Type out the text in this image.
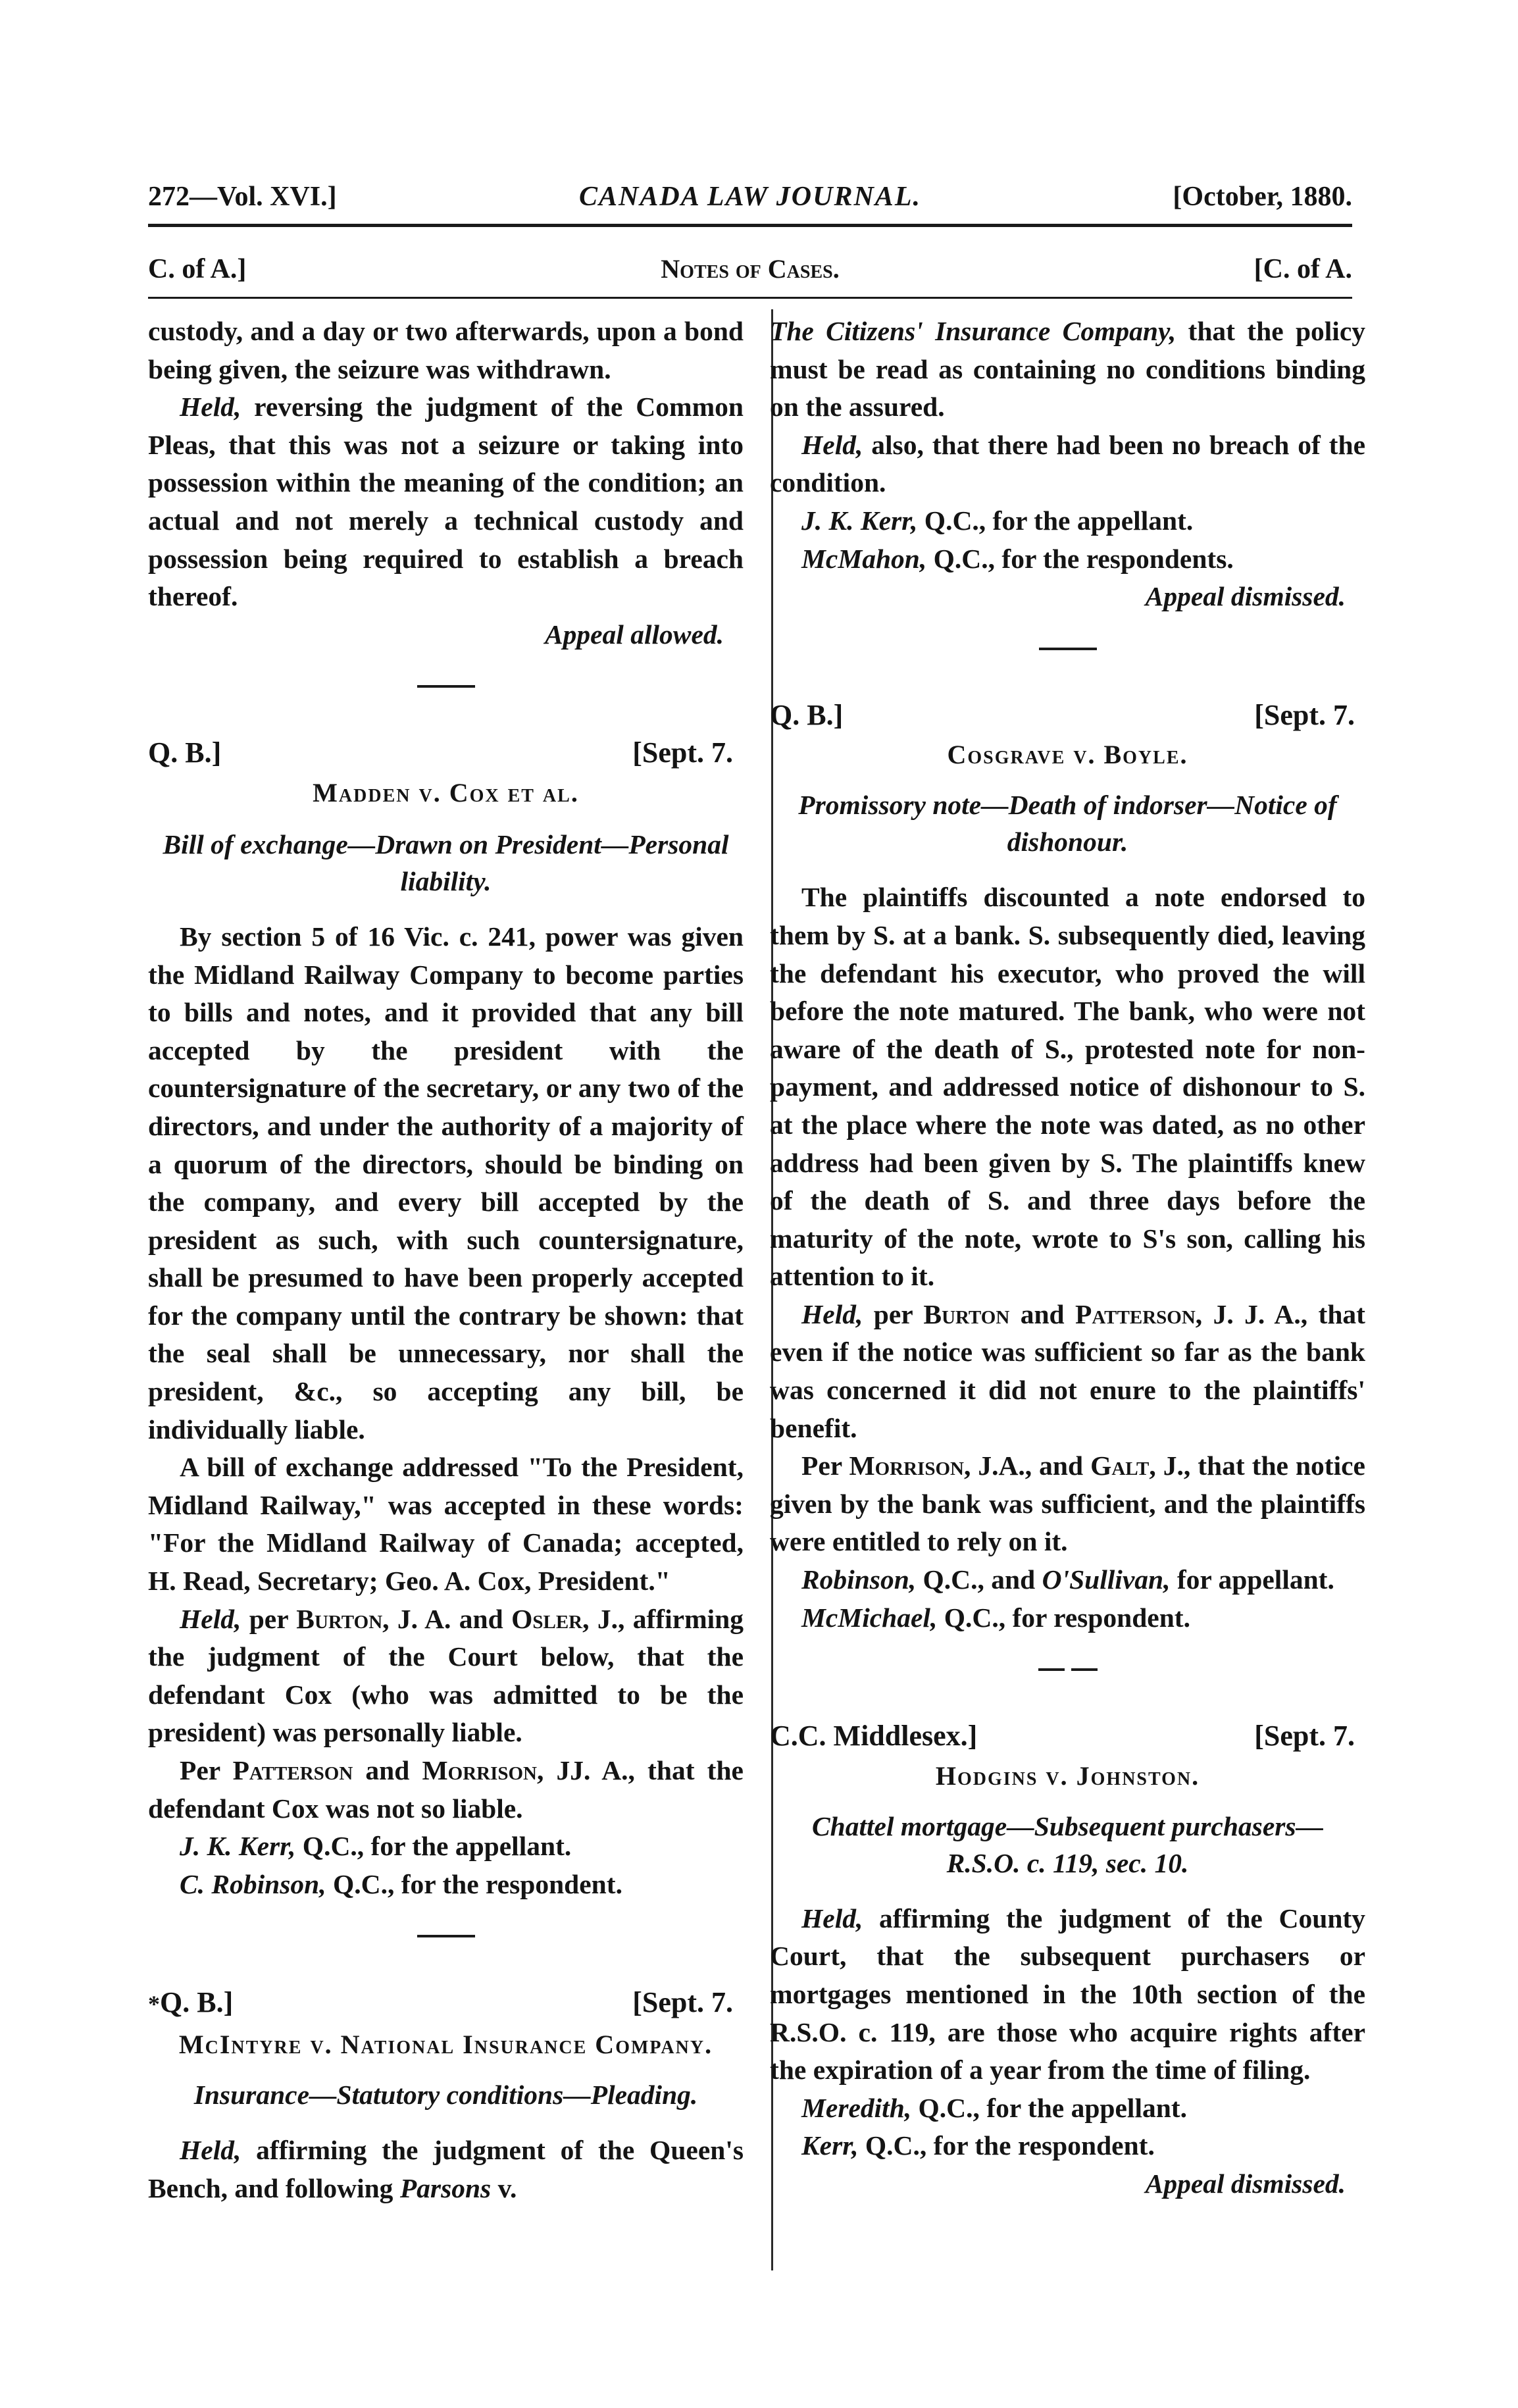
272—Vol. XVI.]	CANADA LAW JOURNAL.	[October, 1880.
C. of A.]	Notes of Cases.	[C. of A.

custody, and a day or two afterwards, upon a bond being given, the seizure was withdrawn.

Held, reversing the judgment of the Common Pleas, that this was not a seizure or taking into possession within the meaning of the condition; an actual and not merely a technical custody and possession being required to establish a breach thereof.

Appeal allowed.

Q. B.]	[Sept. 7.
Madden v. Cox et al.
Bill of exchange—Drawn on President—Personal liability.

By section 5 of 16 Vic. c. 241, power was given the Midland Railway Company to become parties to bills and notes, and it provided that any bill accepted by the president with the countersignature of the secretary, or any two of the directors, and under the authority of a majority of a quorum of the directors, should be binding on the company, and every bill accepted by the president as such, with such countersignature, shall be presumed to have been properly accepted for the company until the contrary be shown: that the seal shall be unnecessary, nor shall the president, &c., so accepting any bill, be individually liable.

A bill of exchange addressed "To the President, Midland Railway," was accepted in these words: "For the Midland Railway of Canada; accepted, H. Read, Secretary; Geo. A. Cox, President."

Held, per Burton, J. A. and Osler, J., affirming the judgment of the Court below, that the defendant Cox (who was admitted to be the president) was personally liable.

Per Patterson and Morrison, JJ. A., that the defendant Cox was not so liable.

J. K. Kerr, Q.C., for the appellant.

C. Robinson, Q.C., for the respondent.

*Q. B.]	[Sept. 7.
McIntyre v. National Insurance Company.
Insurance—Statutory conditions—Pleading.

Held, affirming the judgment of the Queen's Bench, and following Parsons v.

The Citizens' Insurance Company, that the policy must be read as containing no conditions binding on the assured.

Held, also, that there had been no breach of the condition.

J. K. Kerr, Q.C., for the appellant.

McMahon, Q.C., for the respondents.

Appeal dismissed.

Q. B.]	[Sept. 7.
Cosgrave v. Boyle.
Promissory note—Death of indorser—Notice of dishonour.

The plaintiffs discounted a note endorsed to them by S. at a bank. S. subsequently died, leaving the defendant his executor, who proved the will before the note matured. The bank, who were not aware of the death of S., protested note for non-payment, and addressed notice of dishonour to S. at the place where the note was dated, as no other address had been given by S. The plaintiffs knew of the death of S. and three days before the maturity of the note, wrote to S's son, calling his attention to it.

Held, per Burton and Patterson, J. J. A., that even if the notice was sufficient so far as the bank was concerned it did not enure to the plaintiffs' benefit.

Per Morrison, J.A., and Galt, J., that the notice given by the bank was sufficient, and the plaintiffs were entitled to rely on it.

Robinson, Q.C., and O'Sullivan, for appellant.

McMichael, Q.C., for respondent.

C.C. Middlesex.]	[Sept. 7.
Hodgins v. Johnston.
Chattel mortgage—Subsequent purchasers—R.S.O. c. 119, sec. 10.

Held, affirming the judgment of the County Court, that the subsequent purchasers or mortgages mentioned in the 10th section of the R.S.O. c. 119, are those who acquire rights after the expiration of a year from the time of filing.

Meredith, Q.C., for the appellant.

Kerr, Q.C., for the respondent.

Appeal dismissed.
